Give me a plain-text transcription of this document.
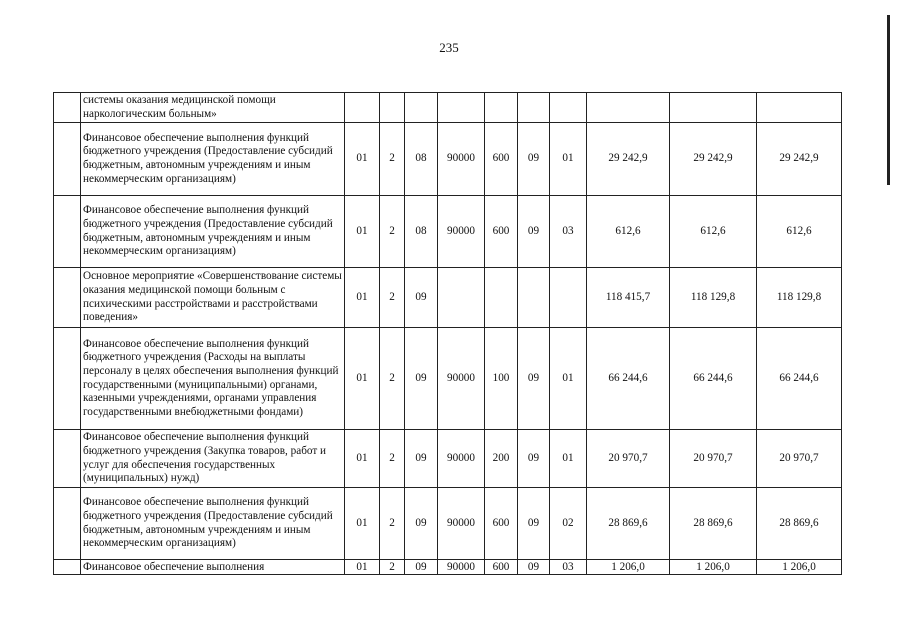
235
	системы оказания медицинской помощи наркологическим больным»										
	Финансовое обеспечение выполнения функций бюджетного учреждения (Предоставление субсидий бюджетным, автономным учреждениям и иным некоммерческим организациям)	01	2	08	90000	600	09	01	29 242,9	29 242,9	29 242,9
	Финансовое обеспечение выполнения функций бюджетного учреждения (Предоставление субсидий бюджетным, автономным учреждениям и иным некоммерческим организациям)	01	2	08	90000	600	09	03	612,6	612,6	612,6
	Основное мероприятие «Совершенствование системы оказания медицинской помощи больным с психическими расстройствами и расстройствами поведения»	01	2	09					118 415,7	118 129,8	118 129,8
	Финансовое обеспечение выполнения функций бюджетного учреждения (Расходы на выплаты персоналу в целях обеспечения выполнения функций государственными (муниципальными) органами, казенными учреждениями, органами управления государственными внебюджетными фондами)	01	2	09	90000	100	09	01	66 244,6	66 244,6	66 244,6
	Финансовое обеспечение выполнения функций бюджетного учреждения (Закупка товаров, работ и услуг для обеспечения государственных (муниципальных) нужд)	01	2	09	90000	200	09	01	20 970,7	20 970,7	20 970,7
	Финансовое обеспечение выполнения функций бюджетного учреждения (Предоставление субсидий бюджетным, автономным учреждениям и иным некоммерческим организациям)	01	2	09	90000	600	09	02	28 869,6	28 869,6	28 869,6
	Финансовое обеспечение выполнения	01	2	09	90000	600	09	03	1 206,0	1 206,0	1 206,0
